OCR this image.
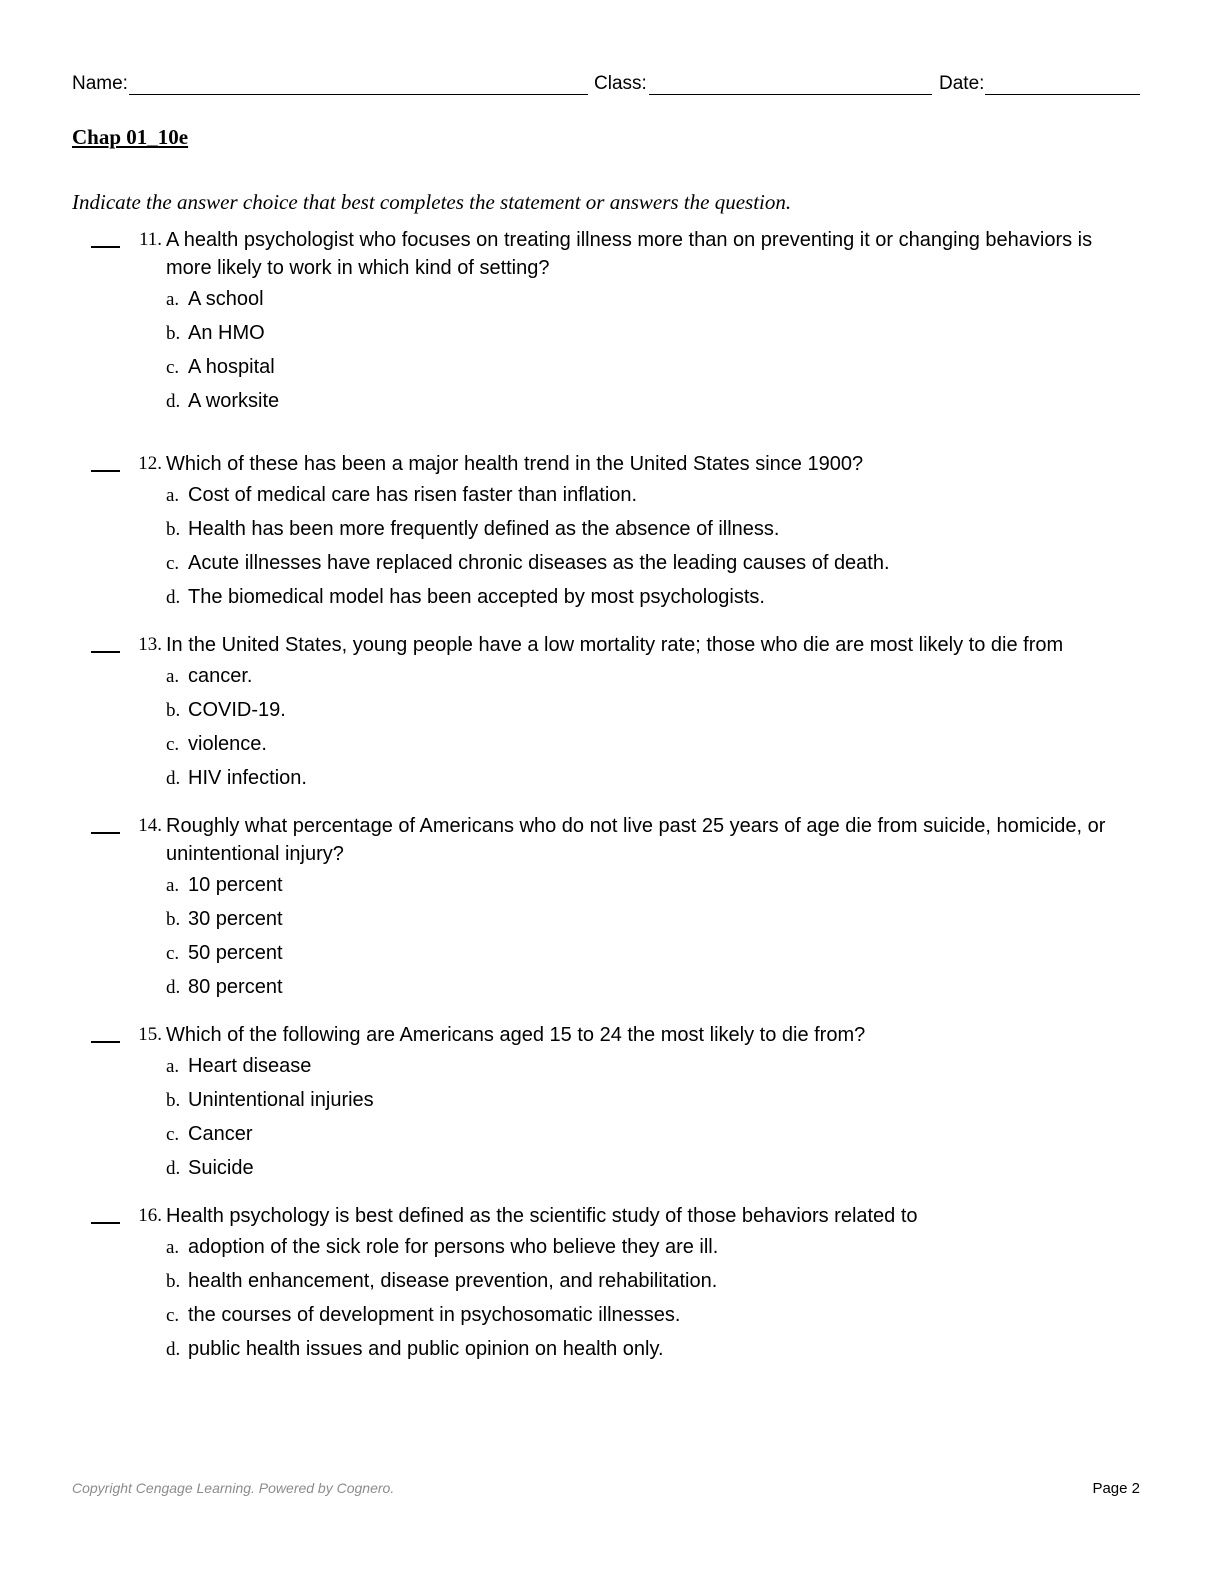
Name:	Class:	Date:
Chap 01_10e
Indicate the answer choice that best completes the statement or answers the question.
11. A health psychologist who focuses on treating illness more than on preventing it or changing behaviors is more likely to work in which kind of setting?
a. A school
b. An HMO
c. A hospital
d. A worksite
12. Which of these has been a major health trend in the United States since 1900?
a. Cost of medical care has risen faster than inflation.
b. Health has been more frequently defined as the absence of illness.
c. Acute illnesses have replaced chronic diseases as the leading causes of death.
d. The biomedical model has been accepted by most psychologists.
13. In the United States, young people have a low mortality rate; those who die are most likely to die from
a. cancer.
b. COVID-19.
c. violence.
d. HIV infection.
14. Roughly what percentage of Americans who do not live past 25 years of age die from suicide, homicide, or unintentional injury?
a. 10 percent
b. 30 percent
c. 50 percent
d. 80 percent
15. Which of the following are Americans aged 15 to 24 the most likely to die from?
a. Heart disease
b. Unintentional injuries
c. Cancer
d. Suicide
16. Health psychology is best defined as the scientific study of those behaviors related to
a. adoption of the sick role for persons who believe they are ill.
b. health enhancement, disease prevention, and rehabilitation.
c. the courses of development in psychosomatic illnesses.
d. public health issues and public opinion on health only.
Copyright Cengage Learning. Powered by Cognero.	Page 2
